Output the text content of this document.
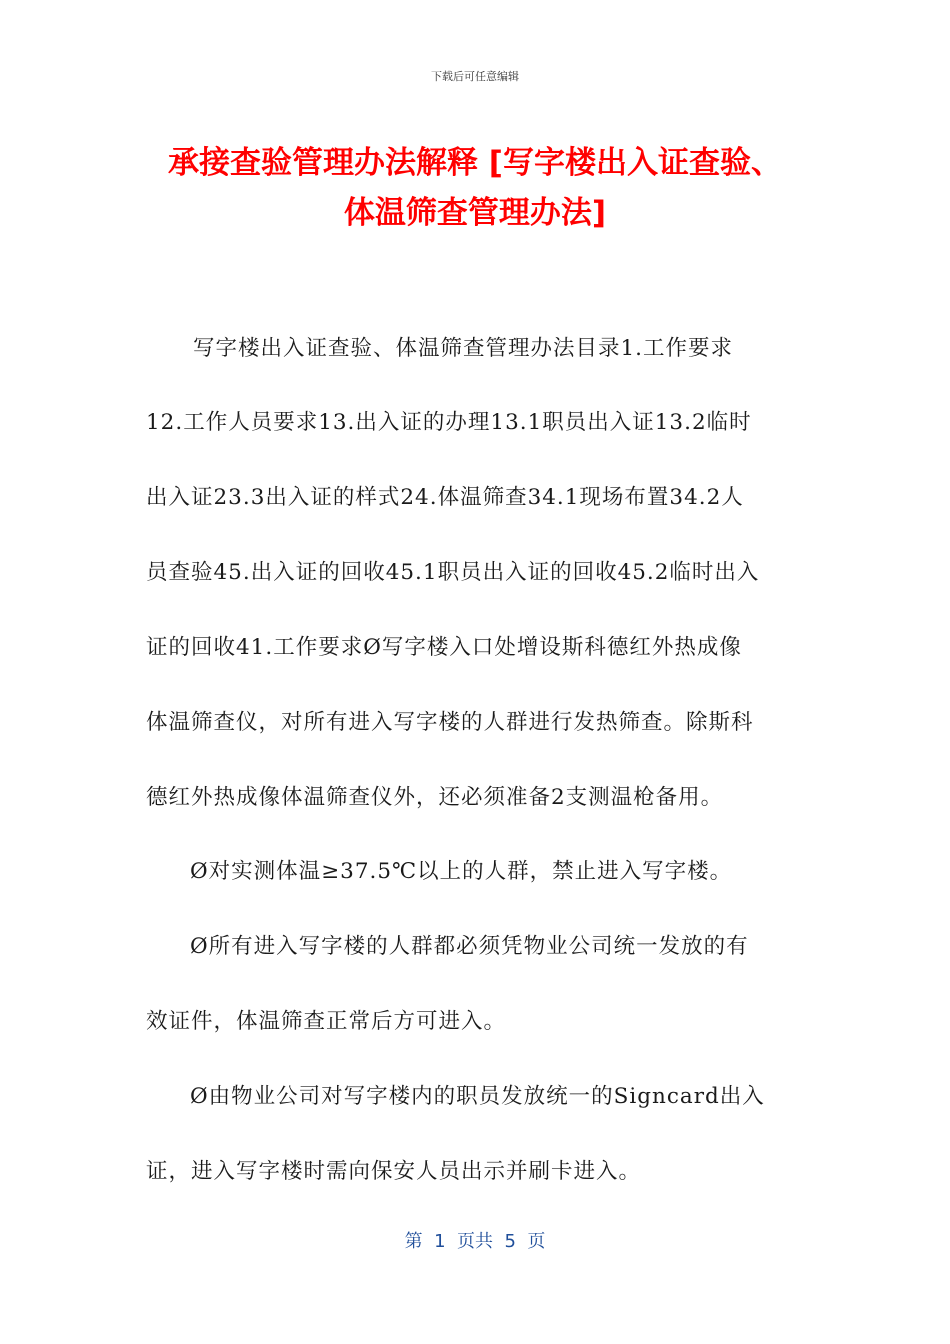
下载后可任意编辑
承接查验管理办法解释 [写字楼出入证查验、
体温筛查管理办法]
写字楼出入证查验、体温筛查管理办法目录1.工作要求
12.工作人员要求13.出入证的办理13.1职员出入证13.2临时
出入证23.3出入证的样式24.体温筛查34.1现场布置34.2人
员查验45.出入证的回收45.1职员出入证的回收45.2临时出入
证的回收41.工作要求Ø写字楼入口处增设斯科德红外热成像
体温筛查仪，对所有进入写字楼的人群进行发热筛查。除斯科
德红外热成像体温筛查仪外，还必须准备2支测温枪备用。
Ø对实测体温≥37.5℃以上的人群，禁止进入写字楼。
Ø所有进入写字楼的人群都必须凭物业公司统一发放的有
效证件，体温筛查正常后方可进入。
Ø由物业公司对写字楼内的职员发放统一的Signcard出入
证，进入写字楼时需向保安人员出示并刷卡进入。
第  1  页共  5  页
